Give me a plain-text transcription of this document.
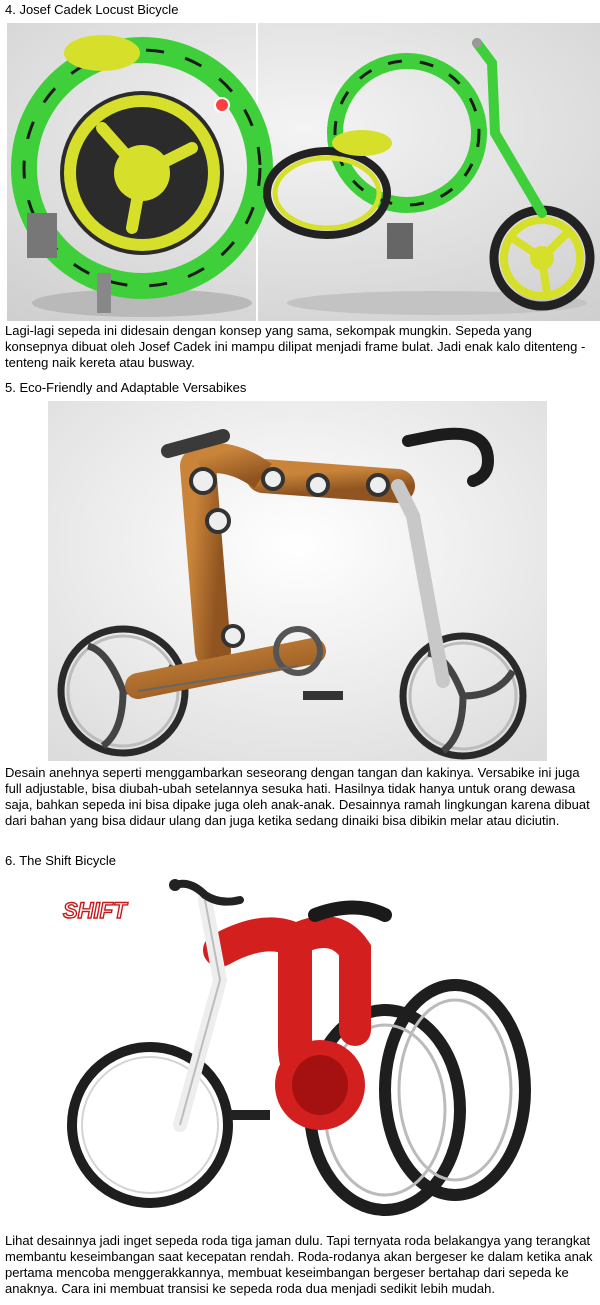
4. Josef Cadek Locust Bicycle
Lagi-lagi sepeda ini didesain dengan konsep yang sama, sekompak mungkin. Sepeda yang konsepnya dibuat oleh Josef Cadek ini mampu dilipat menjadi frame bulat. Jadi enak kalo ditenteng -tenteng naik kereta atau busway.
5. Eco-Friendly and Adaptable Versabikes
Desain anehnya seperti menggambarkan seseorang dengan tangan dan kakinya. Versabike ini juga full adjustable, bisa diubah-ubah setelannya sesuka hati. Hasilnya tidak hanya untuk orang dewasa saja, bahkan sepeda ini bisa dipake juga oleh anak-anak. Desainnya ramah lingkungan karena dibuat dari bahan yang bisa didaur ulang dan juga ketika sedang dinaiki bisa dibikin melar atau diciutin.
6. The Shift Bicycle
SHIFT
Lihat desainnya jadi inget sepeda roda tiga jaman dulu. Tapi ternyata roda belakangya yang terangkat membantu keseimbangan saat kecepatan rendah. Roda-rodanya akan bergeser ke dalam ketika anak pertama mencoba menggerakkannya, membuat keseimbangan bergeser bertahap dari sepeda ke anaknya. Cara ini membuat transisi ke sepeda roda dua menjadi sedikit lebih mudah.
